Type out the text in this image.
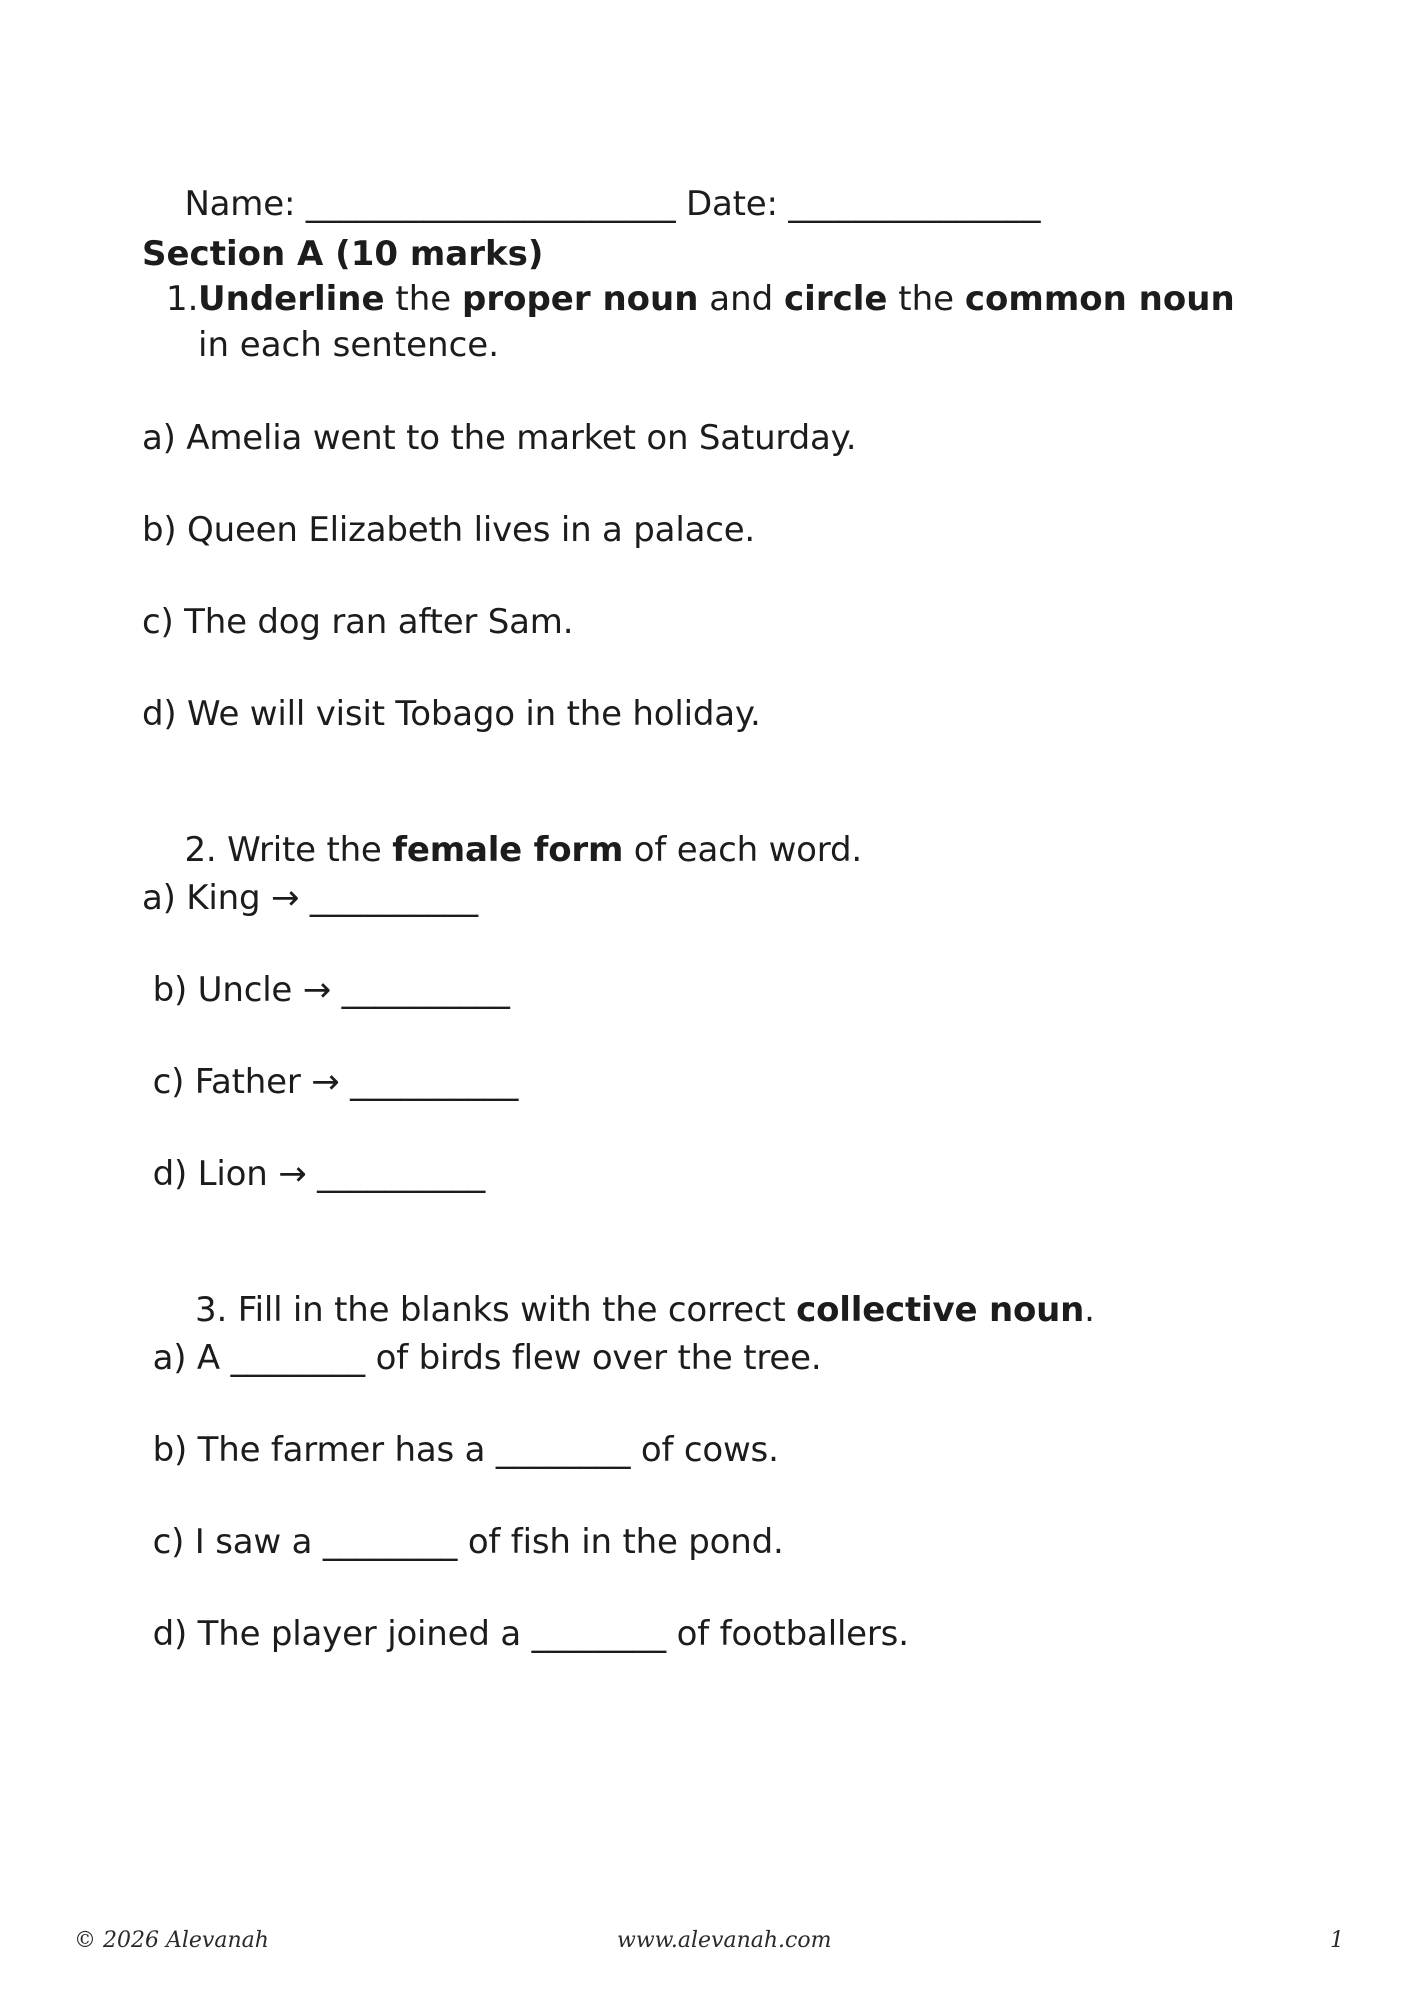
Name: ______________________ Date: _______________

Section A (10 marks)
1. Underline the proper noun and circle the common noun in each sentence.
a) Amelia went to the market on Saturday.
b) Queen Elizabeth lives in a palace.
c) The dog ran after Sam.
d) We will visit Tobago in the holiday.

2. Write the female form of each word.

a) King → __________
b) Uncle → __________
c) Father → __________
d) Lion → __________

3. Fill in the blanks with the correct collective noun.

a) A ________ of birds flew over the tree.
b) The farmer has a ________ of cows.
c) I saw a ________ of fish in the pond.
d) The player joined a ________ of footballers.
© 2026 Alevanah	www.alevanah.com	1
